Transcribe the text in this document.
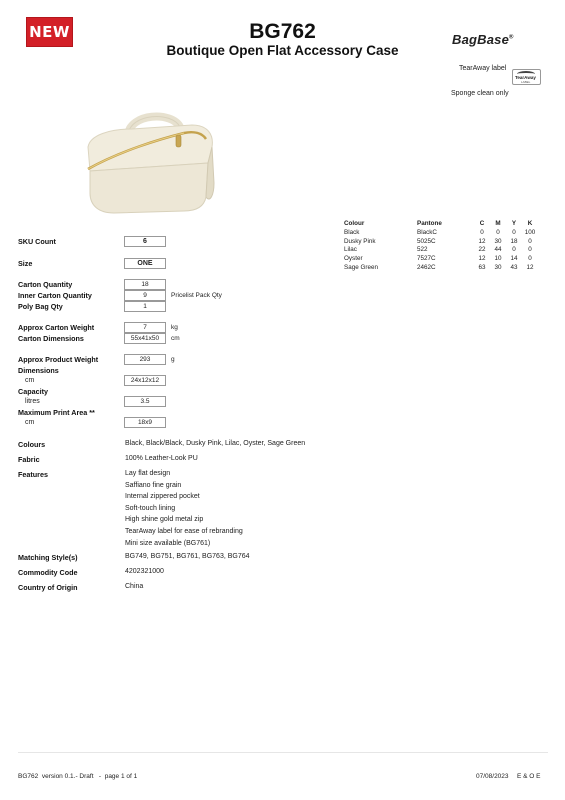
NEW	BG762
Boutique Open Flat Accessory Case
BagBase®
TearAway label
TearAway
LABEL
Sponge clean only
Colour	Pantone	C	M	Y	K
Black	BlackC	0	0	0	100
Dusky Pink	5025C	12	30	18	0
Lilac	522	22	44	0	0
Oyster	7527C	12	10	14	0
Sage Green	2462C	63	30	43	12
SKU Count	6
Size	ONE
Carton Quantity	18
Inner Carton Quantity	9	Pricelist Pack Qty
Poly Bag Qty	1
Approx Carton Weight	7	kg
Carton Dimensions	55x41x50	cm
Approx Product Weight	293	g
Dimensions
cm	24x12x12
Capacity
litres	3.5
Maximum Print Area **
cm	18x9
Colours	Black, Black/Black, Dusky Pink, Lilac, Oyster, Sage Green
Fabric	100% Leather-Look PU
Features	Lay flat design
Saffiano fine grain
Internal zippered pocket
Soft-touch lining
High shine gold metal zip
TearAway label for ease of rebranding
Mini size available (BG761)
Matching Style(s)	BG749, BG751, BG761, BG763, BG764
Commodity Code	4202321000
Country of Origin	China
BG762  version 0.1.- Draft   -  page 1 of 1	07/08/2023 E & O E
